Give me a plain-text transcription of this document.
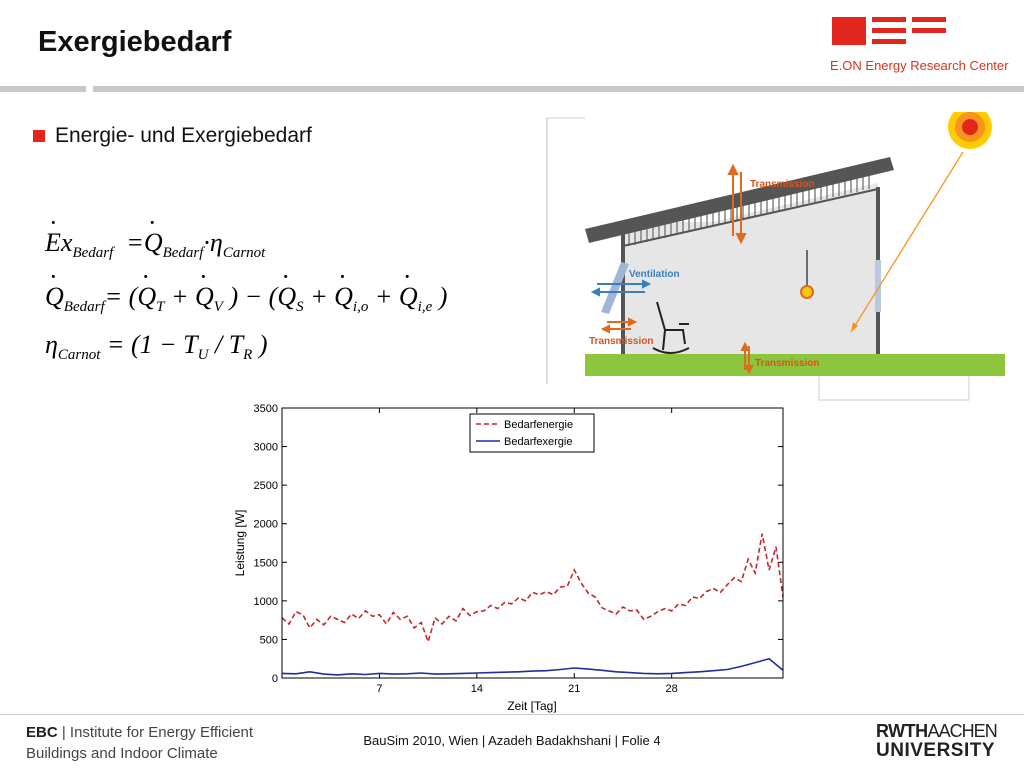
Exergiebedarf
E.ON Energy Research Center
Energie- und Exergiebedarf
· $Ex_{Bedarf} =\cdot Q_{Bedarf}\cdot\eta_{Carnot}$
· $Q_{Bedarf}=$ (· $Q_T$ + · $Q_V$ ) − (· $Q_S$ + · $Q_{i,o}$ + · $Q_{i,e}$ )
$\eta_{Carnot} = (1 - T_U / T_R$ )
Transmission
Ventilation
Transmission
Transmission
0
500
1000
1500
2000
2500
3000
3500
7	14	21	28
Zeit [Tag]
Leistung [W]
Bedarfenergie
Bedarfexergie
EBC | Institute for Energy Efficient
Buildings and Indoor Climate
BauSim 2010, Wien | Azadeh Badakhshani | Folie 4	RWTHAACHEN
UNIVERSITY
